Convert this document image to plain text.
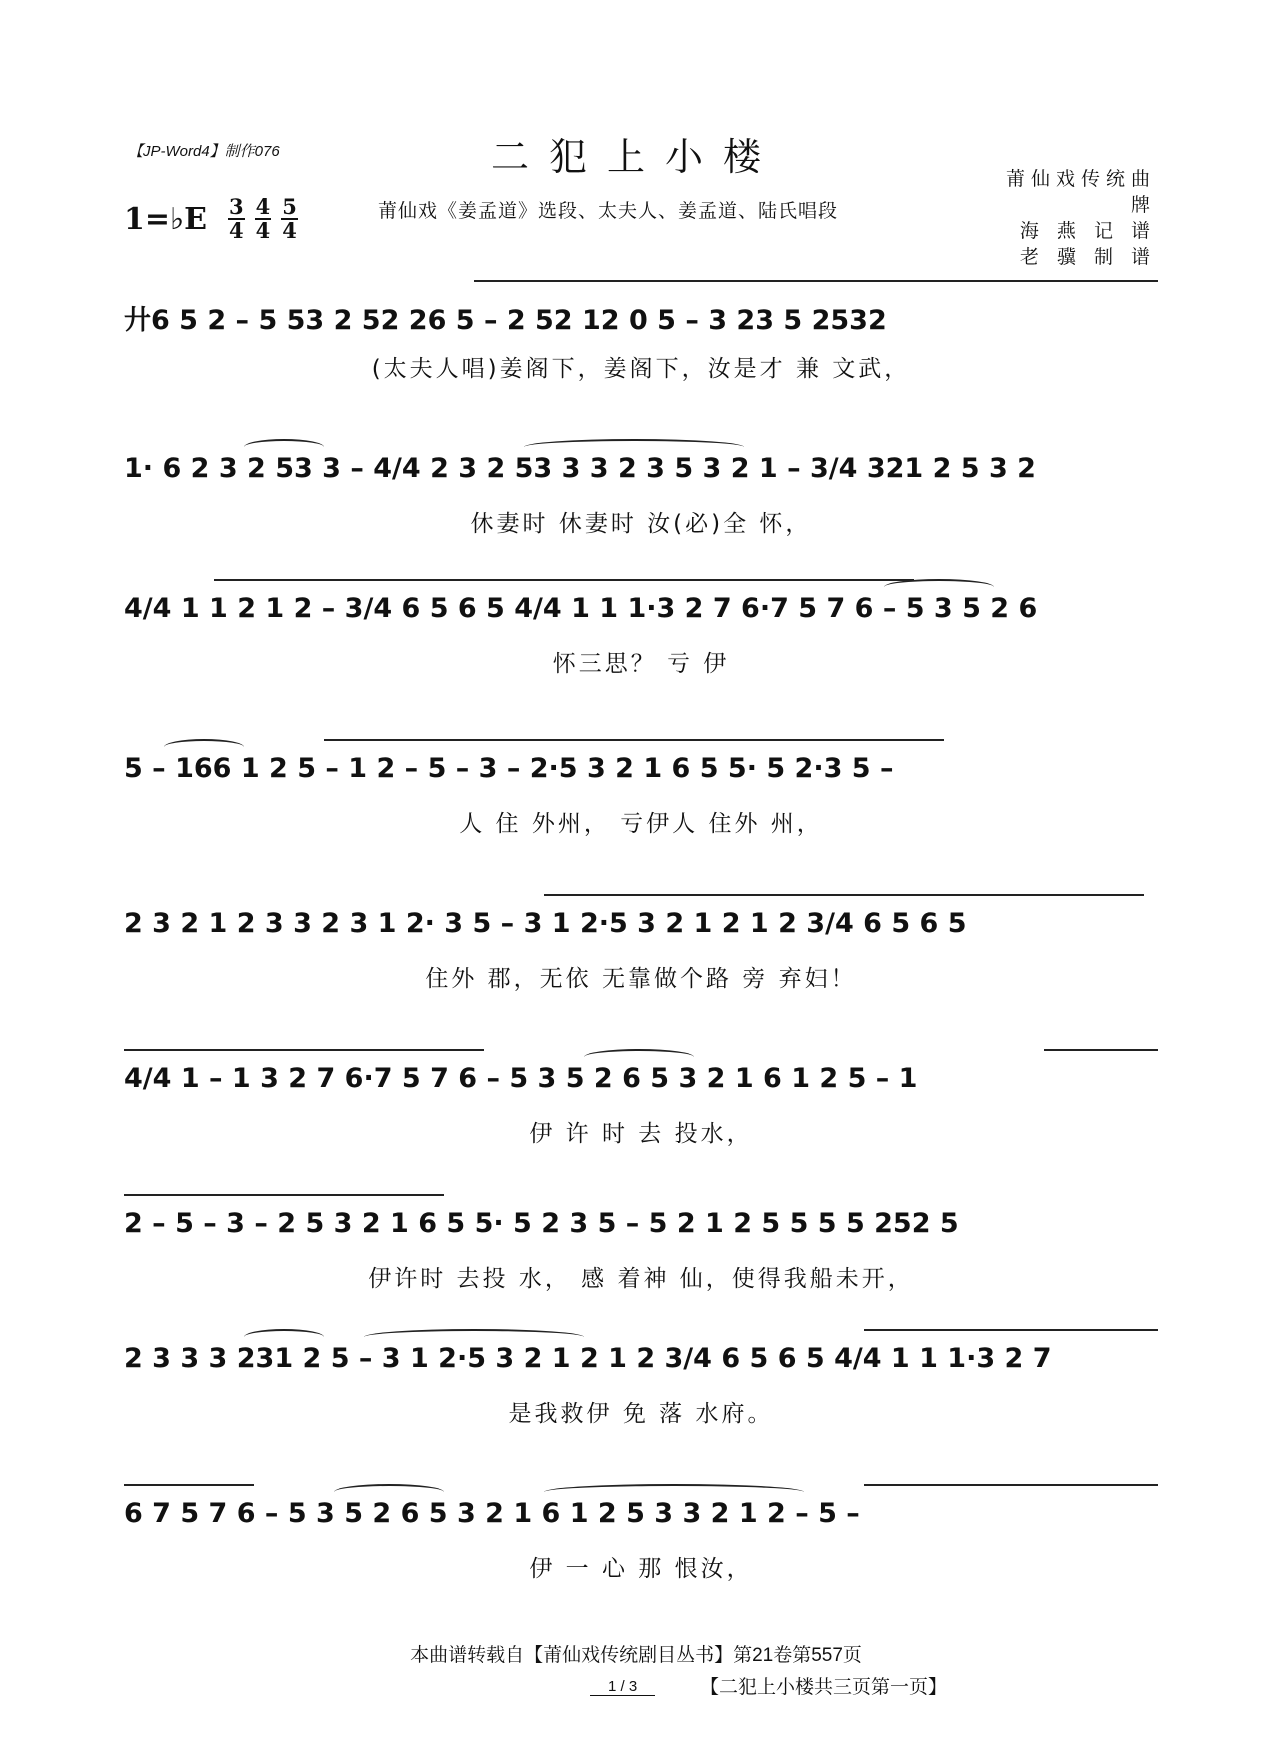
【JP-Word4】制作076	二犯上小楼
1=♭E $\frac{3}{4} \frac{4}{4} \frac{5}{4}$	莆仙戏《姜孟道》选段、太夫人、姜孟道、陆氏唱段
莆仙戏传统曲牌
海 燕 记 谱
老 骥 制 谱
廾6 5 2 – 5 53 2 52 26 5 – 2 52 12 0 5 – 3 23 5 2532
(太夫人唱)姜阁下，姜阁下，汝是才 兼 文武，
1· 6 2 3 2 53 3 – 4/4 2 3 2 53 3 3 2 3 5 3 2 1 – 3/4 321 2 5 3 2
休妻时 休妻时 汝(必)全 怀，
4/4 1 1 2 1 2 – 3/4 6 5 6 5 4/4 1 1 1·3 2 7 6·7 5 7 6 – 5 3 5 2 6
怀三思？ 亏 伊
5 – 166 1 2 5 – 1 2 – 5 – 3 – 2·5 3 2 1 6 5 5· 5 2·3 5 –
人 住 外州， 亏伊人 住外 州，
2 3 2 1 2 3 3 2 3 1 2· 3 5 – 3 1 2·5 3 2 1 2 1 2 3/4 6 5 6 5
住外 郡，无依 无靠做个路 旁 弃妇！
4/4 1 – 1 3 2 7 6·7 5 7 6 – 5 3 5 2 6 5 3 2 1 6 1 2 5 – 1
伊 许 时 去 投水，
2 – 5 – 3 – 2 5 3 2 1 6 5 5· 5 2 3 5 – 5 2 1 2 5 5 5 5 252 5
伊许时 去投 水， 感 着神 仙，使得我船未开，
2 3 3 3 231 2 5 – 3 1 2·5 3 2 1 2 1 2 3/4 6 5 6 5 4/4 1 1 1·3 2 7
是我救伊 免 落 水府。
6 7 5 7 6 – 5 3 5 2 6 5 3 2 1 6 1 2 5 3 3 2 1 2 – 5 –
伊 一 心 那 恨汝，
本曲谱转载自【莆仙戏传统剧目丛书】第21卷第557页
1 / 3	【二犯上小楼共三页第一页】
